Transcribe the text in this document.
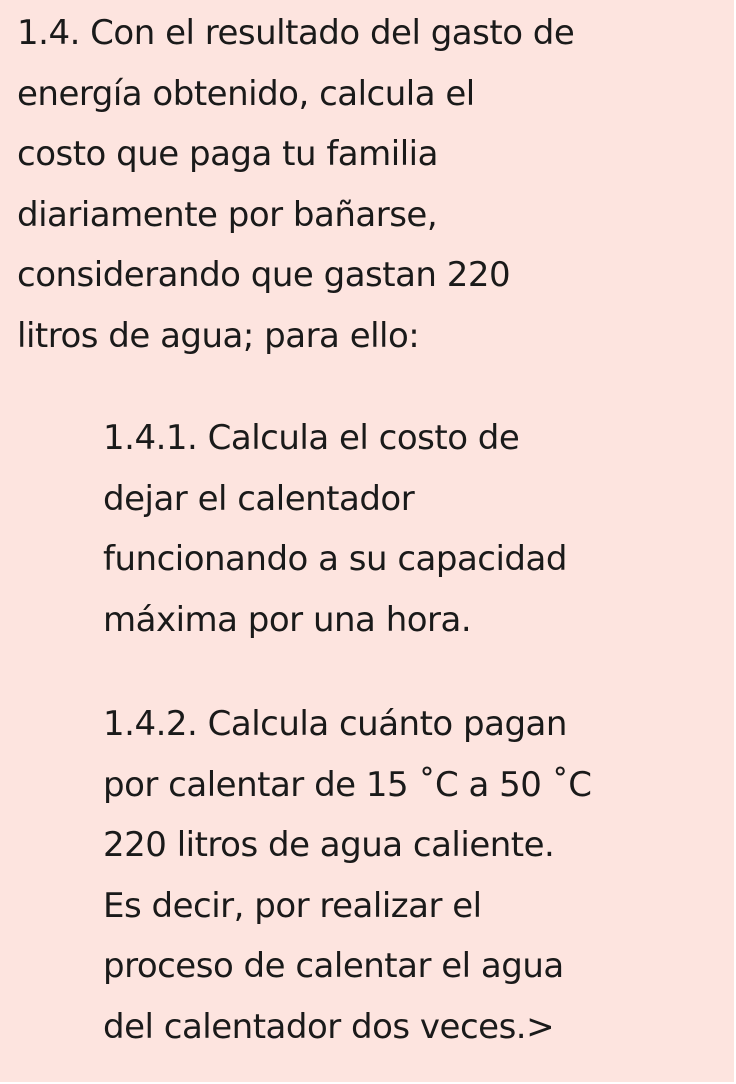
1.4. Con el resultado del gasto de
energía obtenido, calcula el
costo que paga tu familia
diariamente por bañarse,
considerando que gastan 220
litros de agua; para ello:

1.4.1. Calcula el costo de
dejar el calentador
funcionando a su capacidad
máxima por una hora.

1.4.2. Calcula cuánto pagan
por calentar de 15 ˚C a 50 ˚C
220 litros de agua caliente.
Es decir, por realizar el
proceso de calentar el agua
del calentador dos veces.>
